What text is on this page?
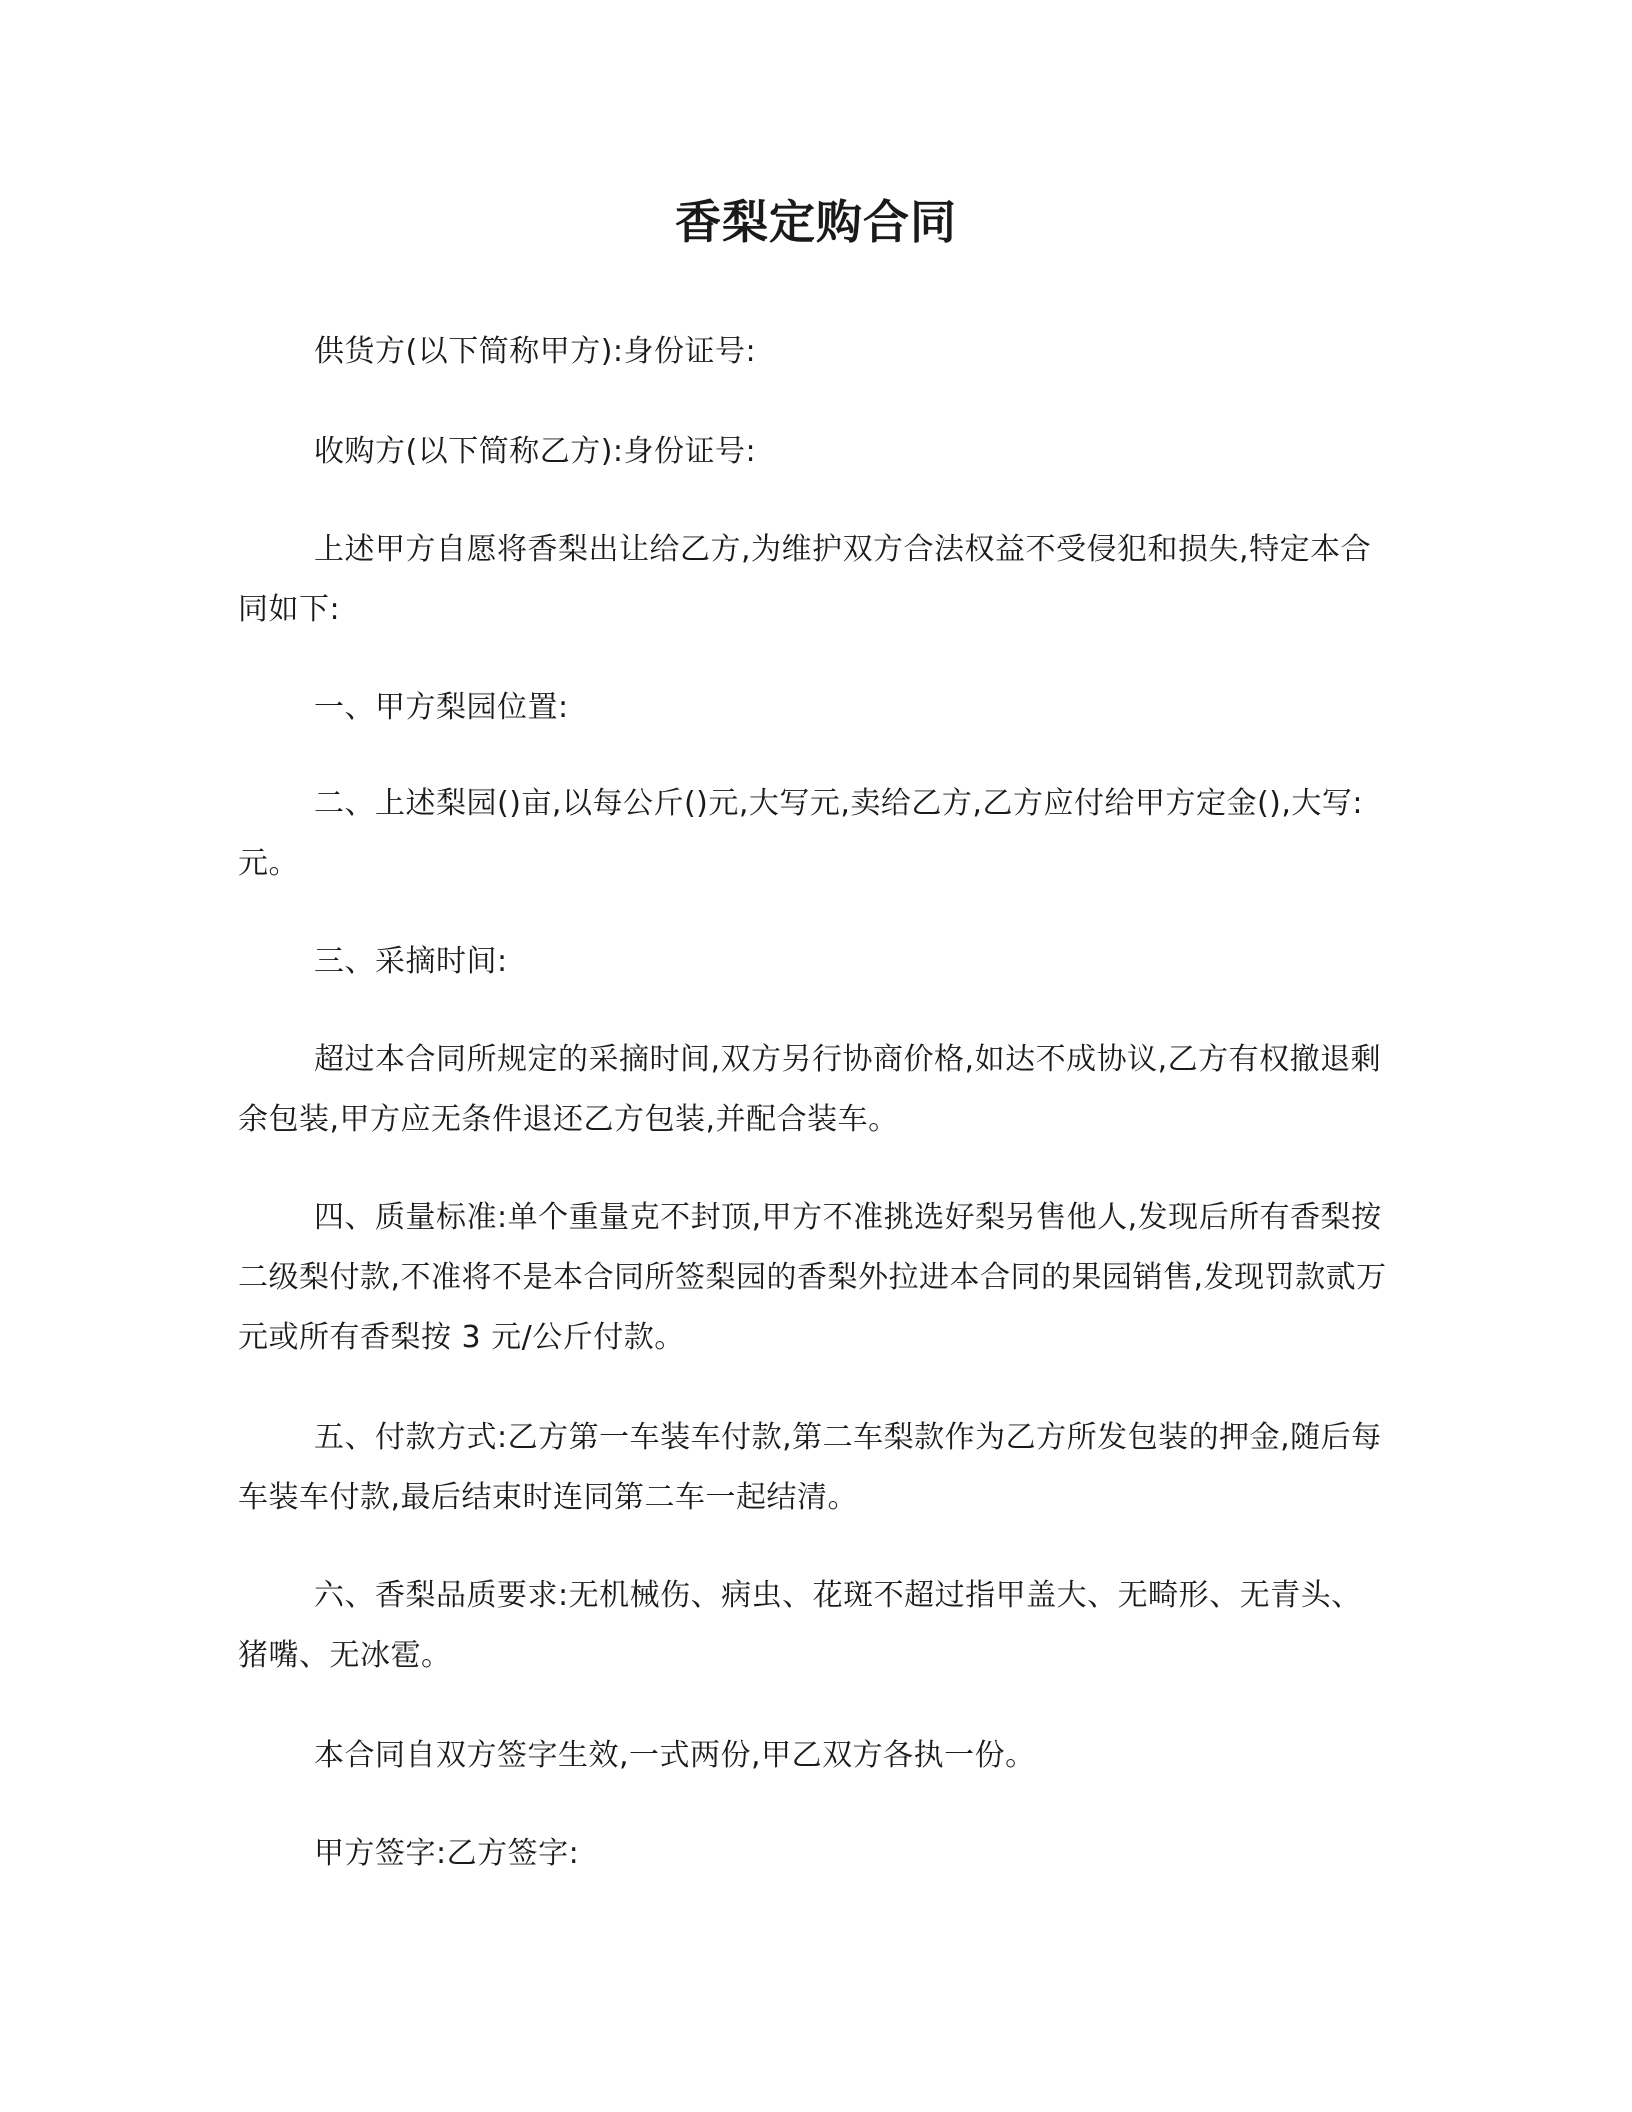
香梨定购合同

供货方(以下简称甲方):身份证号:

收购方(以下简称乙方):身份证号:

上述甲方自愿将香梨出让给乙方,为维护双方合法权益不受侵犯和损失,特定本合同如下:

一、甲方梨园位置:

二、上述梨园()亩,以每公斤()元,大写元,卖给乙方,乙方应付给甲方定金(),大写:元。

三、采摘时间:

超过本合同所规定的采摘时间,双方另行协商价格,如达不成协议,乙方有权撤退剩余包装,甲方应无条件退还乙方包装,并配合装车。

四、质量标准:单个重量克不封顶,甲方不准挑选好梨另售他人,发现后所有香梨按二级梨付款,不准将不是本合同所签梨园的香梨外拉进本合同的果园销售,发现罚款贰万元或所有香梨按 3 元/公斤付款。

五、付款方式:乙方第一车装车付款,第二车梨款作为乙方所发包装的押金,随后每车装车付款,最后结束时连同第二车一起结清。

六、香梨品质要求:无机械伤、病虫、花斑不超过指甲盖大、无畸形、无青头、猪嘴、无冰雹。

本合同自双方签字生效,一式两份,甲乙双方各执一份。

甲方签字:乙方签字:
